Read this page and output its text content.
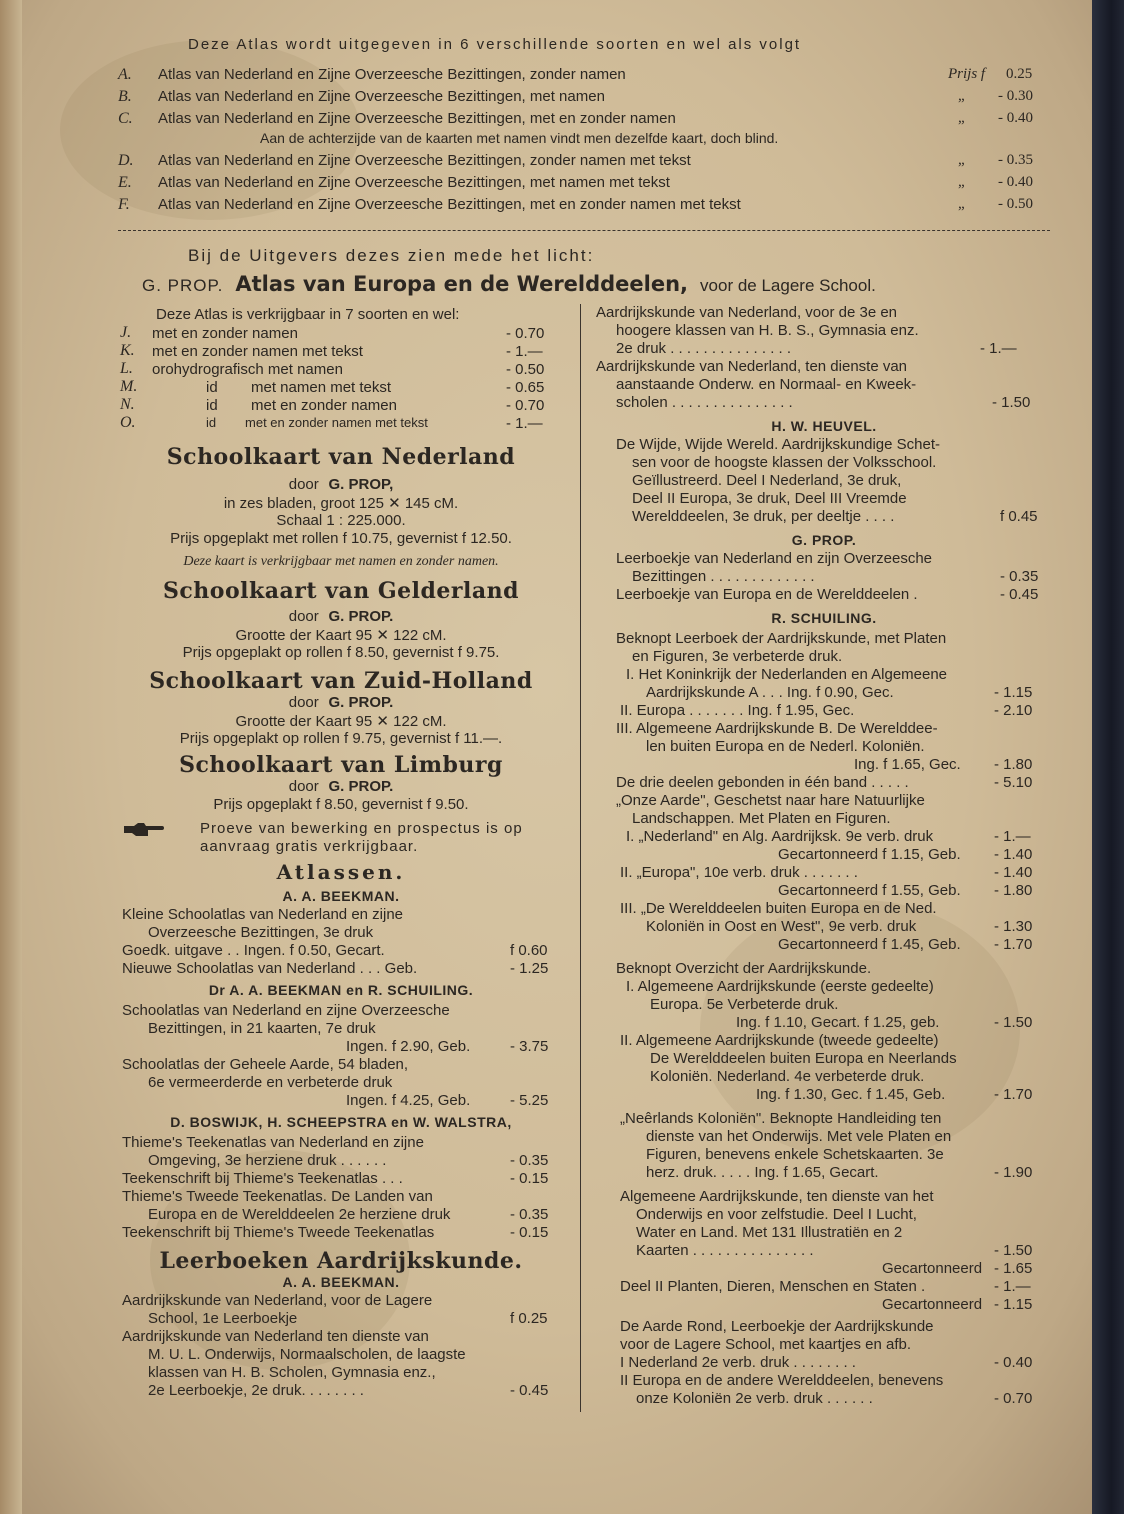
Deze Atlas wordt uitgegeven in 6 verschillende soorten en wel als volgt
A. Atlas van Nederland en Zijne Overzeesche Bezittingen, zonder namen	Prijs f 0.25
B. Atlas van Nederland en Zijne Overzeesche Bezittingen, met namen	„ - 0.30
C. Atlas van Nederland en Zijne Overzeesche Bezittingen, met en zonder namen	„ - 0.40
Aan de achterzijde van de kaarten met namen vindt men dezelfde kaart, doch blind.
D. Atlas van Nederland en Zijne Overzeesche Bezittingen, zonder namen met tekst	„ - 0.35
E. Atlas van Nederland en Zijne Overzeesche Bezittingen, met namen met tekst	„ - 0.40
F. Atlas van Nederland en Zijne Overzeesche Bezittingen, met en zonder namen met tekst	„ - 0.50
Bij de Uitgevers dezes zien mede het licht:
G. PROP. Atlas van Europa en de Werelddeelen, voor de Lagere School.
Deze Atlas is verkrijgbaar in 7 soorten en wel:
J. met en zonder namen	- 0.70
K. met en zonder namen met tekst	- 1.—
L. orohydrografisch met namen	- 0.50
M.	id        met namen met tekst	- 0.65
N.	id        met en zonder namen	- 0.70
O.	id        met en zonder namen met tekst	- 1.—
Schoolkaart van Nederland
door G. PROP,
in zes bladen, groot 125 ✕ 145 cM.
Schaal 1 : 225.000.
Prijs opgeplakt met rollen f 10.75, gevernist f 12.50.
Deze kaart is verkrijgbaar met namen en zonder namen.
Schoolkaart van Gelderland
door G. PROP.
Grootte der Kaart 95 ✕ 122 cM.
Prijs opgeplakt op rollen f 8.50, gevernist f 9.75.
Schoolkaart van Zuid-Holland
door G. PROP.
Grootte der Kaart 95 ✕ 122 cM.
Prijs opgeplakt op rollen f 9.75, gevernist f 11.—.
Schoolkaart van Limburg
door G. PROP.
Prijs opgeplakt f 8.50, gevernist f 9.50.
Proeve van bewerking en prospectus is op
aanvraag gratis verkrijgbaar.
Atlassen.
A. A. BEEKMAN.
Kleine Schoolatlas van Nederland en zijne
Overzeesche Bezittingen, 3e druk
Goedk. uitgave . . Ingen. f 0.50, Gecart.	f 0.60
Nieuwe Schoolatlas van Nederland . . . Geb.	- 1.25
Dr A. A. BEEKMAN en R. SCHUILING.
Schoolatlas van Nederland en zijne Overzeesche
Bezittingen, in 21 kaarten, 7e druk
Ingen. f 2.90, Geb.	- 3.75
Schoolatlas der Geheele Aarde, 54 bladen,
6e vermeerderde en verbeterde druk
Ingen. f 4.25, Geb.	- 5.25
D. BOSWIJK, H. SCHEEPSTRA en W. WALSTRA,
Thieme's Teekenatlas van Nederland en zijne
Omgeving, 3e herziene druk . . . . . .	- 0.35
Teekenschrift bij Thieme's Teekenatlas . . .	- 0.15
Thieme's Tweede Teekenatlas. De Landen van
Europa en de Werelddeelen 2e herziene druk	- 0.35
Teekenschrift bij Thieme's Tweede Teekenatlas	- 0.15
Leerboeken Aardrijkskunde.
A. A. BEEKMAN.
Aardrijkskunde van Nederland, voor de Lagere
School, 1e Leerboekje	f 0.25
Aardrijkskunde van Nederland ten dienste van
M. U. L. Onderwijs, Normaalscholen, de laagste
klassen van H. B. Scholen, Gymnasia enz.,
2e Leerboekje, 2e druk. . . . . . . .	- 0.45
Aardrijkskunde van Nederland, voor de 3e en
hoogere klassen van H. B. S., Gymnasia enz.
2e druk . . . . . . . . . . . . . . .	- 1.—
Aardrijkskunde van Nederland, ten dienste van
aanstaande Onderw. en Normaal- en Kweek-
scholen . . . . . . . . . . . . . . .	- 1.50
H. W. HEUVEL.
De Wijde, Wijde Wereld. Aardrijkskundige Schet-
sen voor de hoogste klassen der Volksschool.
Geïllustreerd. Deel I Nederland, 3e druk,
Deel II Europa, 3e druk, Deel III Vreemde
Werelddeelen, 3e druk, per deeltje . . . .	f 0.45
G. PROP.
Leerboekje van Nederland en zijn Overzeesche
Bezittingen . . . . . . . . . . . . .	- 0.35
Leerboekje van Europa en de Werelddeelen .	- 0.45
R. SCHUILING.
Beknopt Leerboek der Aardrijkskunde, met Platen
en Figuren, 3e verbeterde druk.
I. Het Koninkrijk der Nederlanden en Algemeene
Aardrijkskunde A . . . Ing. f 0.90, Gec.	- 1.15
II. Europa . . . . . . . Ing. f 1.95, Gec.	- 2.10
III. Algemeene Aardrijkskunde B. De Werelddee-
len buiten Europa en de Nederl. Koloniën.
Ing. f 1.65, Gec. - 1.80
De drie deelen gebonden in één band . . . . .	- 5.10
„Onze Aarde", Geschetst naar hare Natuurlijke
Landschappen. Met Platen en Figuren.
I. „Nederland" en Alg. Aardrijksk. 9e verb. druk	- 1.—
Gecartonneerd f 1.15, Geb. - 1.40
II. „Europa", 10e verb. druk . . . . . . .	- 1.40
Gecartonneerd f 1.55, Geb. - 1.80
III. „De Werelddeelen buiten Europa en de Ned.
Koloniën in Oost en West", 9e verb. druk	- 1.30
Gecartonneerd f 1.45, Geb. - 1.70
Beknopt Overzicht der Aardrijkskunde.
I. Algemeene Aardrijkskunde (eerste gedeelte)
Europa. 5e Verbeterde druk.
Ing. f 1.10, Gecart. f 1.25, geb.	- 1.50
II. Algemeene Aardrijkskunde (tweede gedeelte)
De Werelddeelen buiten Europa en Neerlands
Koloniën. Nederland. 4e verbeterde druk.
Ing. f 1.30, Gec. f 1.45, Geb.	- 1.70
„Neêrlands Koloniën". Beknopte Handleiding ten
dienste van het Onderwijs. Met vele Platen en
Figuren, benevens enkele Schetskaarten. 3e
herz. druk. . . . . Ing. f 1.65, Gecart.	- 1.90
Algemeene Aardrijkskunde, ten dienste van het
Onderwijs en voor zelfstudie. Deel I Lucht,
Water en Land. Met 131 Illustratiën en 2
Kaarten . . . . . . . . . . . . . . .	- 1.50
Gecartonneerd - 1.65
Deel II Planten, Dieren, Menschen en Staten .	- 1.—
Gecartonneerd - 1.15
De Aarde Rond, Leerboekje der Aardrijkskunde
voor de Lagere School, met kaartjes en afb.
I Nederland 2e verb. druk . . . . . . . .	- 0.40
II Europa en de andere Werelddeelen, benevens
onze Koloniën 2e verb. druk . . . . . .	- 0.70
